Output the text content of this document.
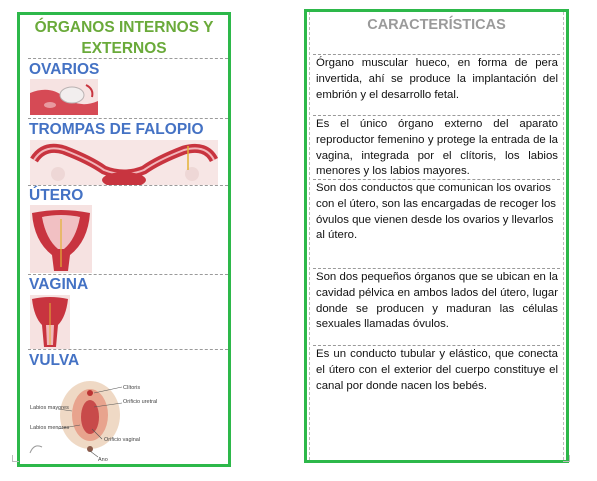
ÓRGANOS INTERNOS Y
EXTERNOS
OVARIOS
TROMPAS DE FALOPIO
ÚTERO
VAGINA
VULVA
Clítoris
Orificio uretral
Labios mayores
Labios menores
Orificio vaginal
Ano
CARACTERÍSTICAS
Órgano muscular hueco, en forma de pera invertida, ahí se produce la implantación del embrión y el desarrollo fetal.
Es el único órgano externo del aparato reproductor femenino y protege la entrada de la vagina, integrada por el clítoris, los labios menores y los labios mayores.
Son dos conductos que comunican los ovarios con el útero, son las encargadas de recoger los óvulos que vienen desde los ovarios y llevarlos al útero.
Son dos pequeños órganos que se ubican en la cavidad pélvica en ambos lados del útero, lugar donde se producen y maduran las células sexuales llamadas óvulos.
Es un conducto tubular y elástico, que conecta el útero con el exterior del cuerpo constituye el canal por donde nacen los bebés.
